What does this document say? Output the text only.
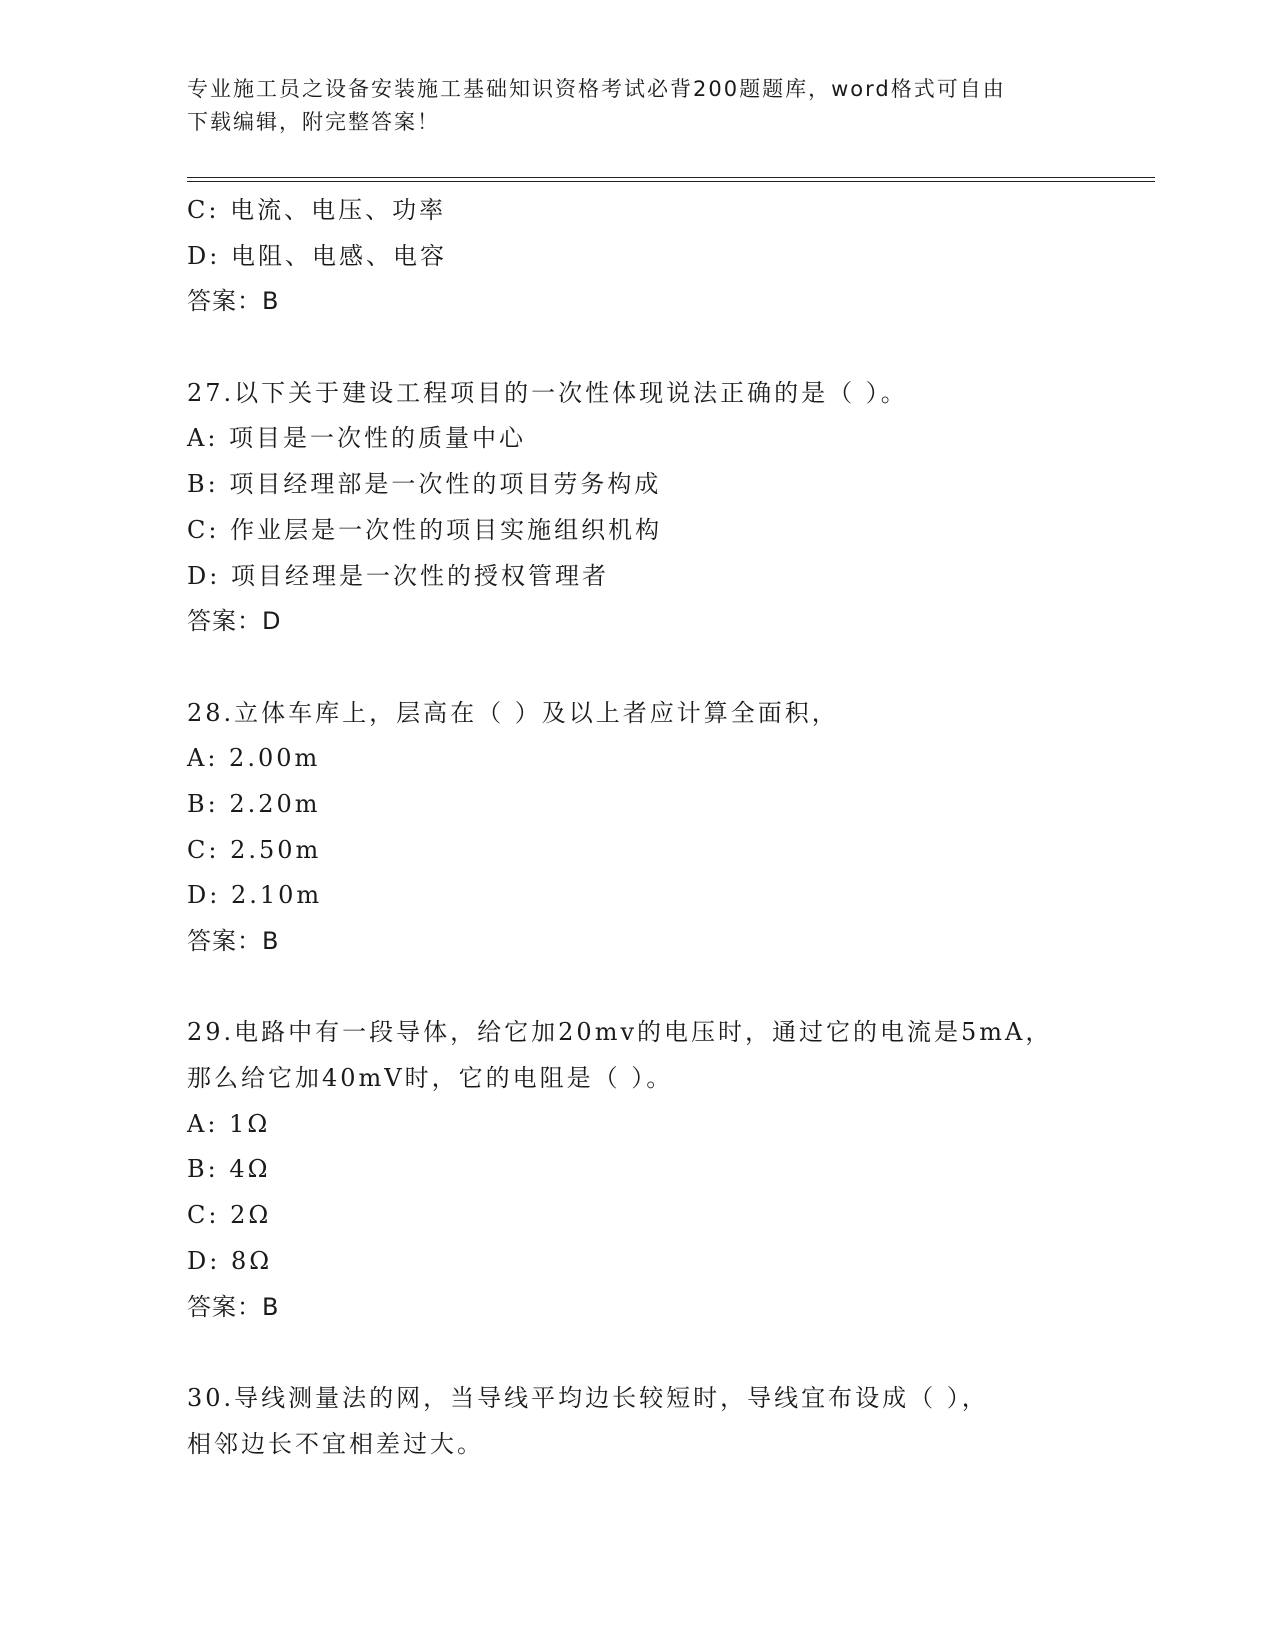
专业施工员之设备安装施工基础知识资格考试必背200题题库，word格式可自由
下载编辑，附完整答案！
C: 电流、电压、功率
D: 电阻、电感、电容
答案：B
27.以下关于建设工程项目的一次性体现说法正确的是（ ）。
A: 项目是一次性的质量中心
B: 项目经理部是一次性的项目劳务构成
C: 作业层是一次性的项目实施组织机构
D: 项目经理是一次性的授权管理者
答案：D
28.立体车库上，层高在（ ）及以上者应计算全面积，
A: 2.00m
B: 2.20m
C: 2.50m
D: 2.10m
答案：B
29.电路中有一段导体，给它加20mv的电压时，通过它的电流是5mA，
那么给它加40mV时，它的电阻是（ ）。
A: 1Ω
B: 4Ω
C: 2Ω
D: 8Ω
答案：B
30.导线测量法的网，当导线平均边长较短时，导线宜布设成（ ），
相邻边长不宜相差过大。
